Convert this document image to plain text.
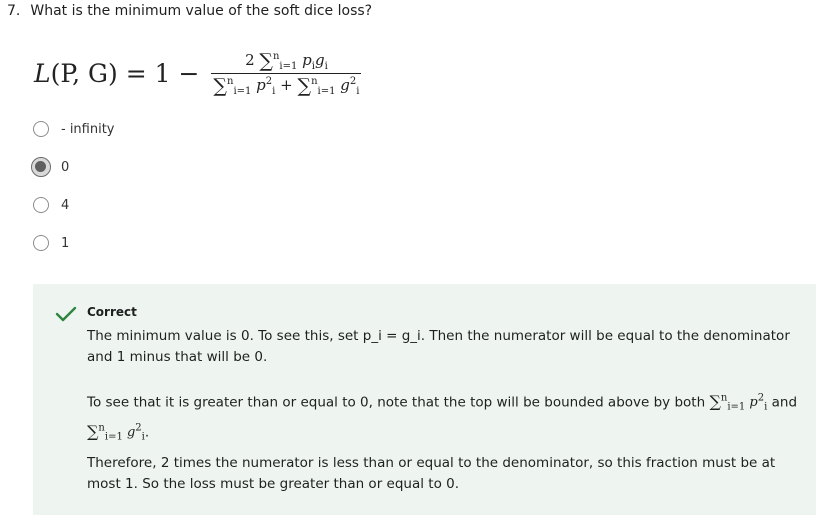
7. What is the minimum value of the soft dice loss?
L(P, $G) = 1 - \frac{2 \sum^n_{i=1} p_ig_i}{\sum^n_{i=1} p^2_i + \sum^n_{i=1} g^2_i}$
- infinity
0
4
1
Correct
The minimum value is 0. To see this, set p_i = g_i. Then the numerator will be equal to the denominator and 1 minus that will be 0.
To see that it is greater than or equal to 0, note that the top will be bounded above by both ∑$^n_{i=1}$ $p^2_i$ and ∑$^n_{i=1}$ $g^2_i$.
Therefore, 2 times the numerator is less than or equal to the denominator, so this fraction must be at most 1. So the loss must be greater than or equal to 0.
